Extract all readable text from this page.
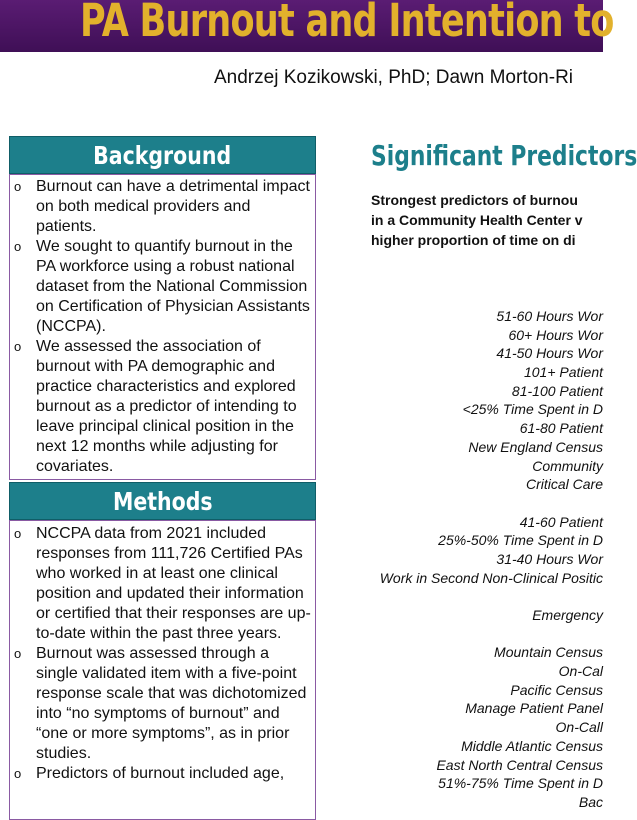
PA Burnout and Intention to
Andrzej Kozikowski, PhD; Dawn Morton-Ri
Background
o Burnout can have a detrimental impact on both medical providers and patients.
o We sought to quantify burnout in the PA workforce using a robust national dataset from the National Commission on Certification of Physician Assistants (NCCPA).
o We assessed the association of burnout with PA demographic and practice characteristics and explored burnout as a predictor of intending to leave principal clinical position in the next 12 months while adjusting for covariates.
Methods
o NCCPA data from 2021 included responses from 111,726 Certified PAs who worked in at least one clinical position and updated their information or certified that their responses are up-to-date within the past three years.
o Burnout was assessed through a single validated item with a five-point response scale that was dichotomized into “no symptoms of burnout” and “one or more symptoms”, as in prior studies.
o Predictors of burnout included age,
Significant Predictors
Strongest predictors of burnou
in a Community Health Center v
higher proportion of time on di
51-60 Hours Wor
60+ Hours Wor
41-50 Hours Wor
101+ Patient
81-100 Patient
<25% Time Spent in D
61-80 Patient
New England Census
Community
Critical Care
41-60 Patient
25%-50% Time Spent in D
31-40 Hours Wor
Work in Second Non-Clinical Positic
Emergency
Mountain Census
On-Cal
Pacific Census
Manage Patient Panel
On-Call
Middle Atlantic Census
East North Central Census
51%-75% Time Spent in D
Bac
